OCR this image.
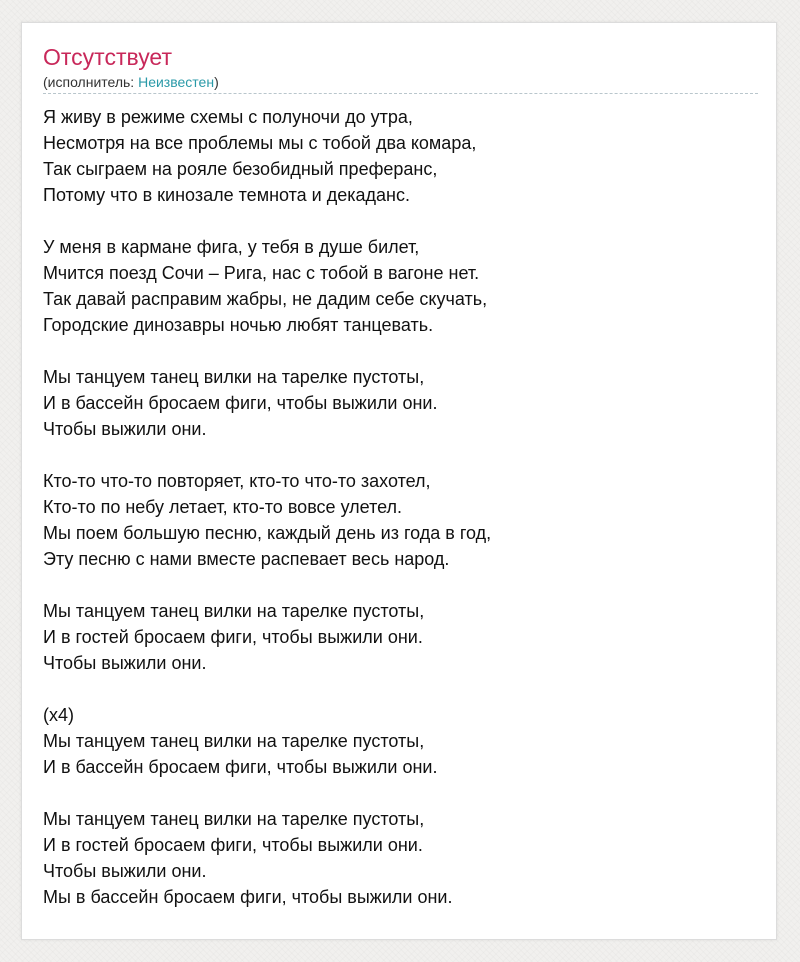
Отсутствует
(исполнитель: Неизвестен)
Я живу в режиме схемы с полуночи до утра,
Несмотря на все проблемы мы с тобой два комара,
Так сыграем на рояле безобидный преферанс,
Потому что в кинозале темнота и декаданс.
У меня в кармане фига, у тебя в душе билет,
Мчится поезд Сочи – Рига, нас с тобой в вагоне нет.
Так давай расправим жабры, не дадим себе скучать,
Городские динозавры ночью любят танцевать.
Мы танцуем танец вилки на тарелке пустоты,
И в бассейн бросаем фиги, чтобы выжили они.
Чтобы выжили они.
Кто-то что-то повторяет, кто-то что-то захотел,
Кто-то по небу летает, кто-то вовсе улетел.
Мы поем большую песню, каждый день из года в год,
Эту песню с нами вместе распевает весь народ.
Мы танцуем танец вилки на тарелке пустоты,
И в гостей бросаем фиги, чтобы выжили они.
Чтобы выжили они.
(x4)
Мы танцуем танец вилки на тарелке пустоты,
И в бассейн бросаем фиги, чтобы выжили они.
Мы танцуем танец вилки на тарелке пустоты,
И в гостей бросаем фиги, чтобы выжили они.
Чтобы выжили они.
Мы в бассейн бросаем фиги, чтобы выжили они.
